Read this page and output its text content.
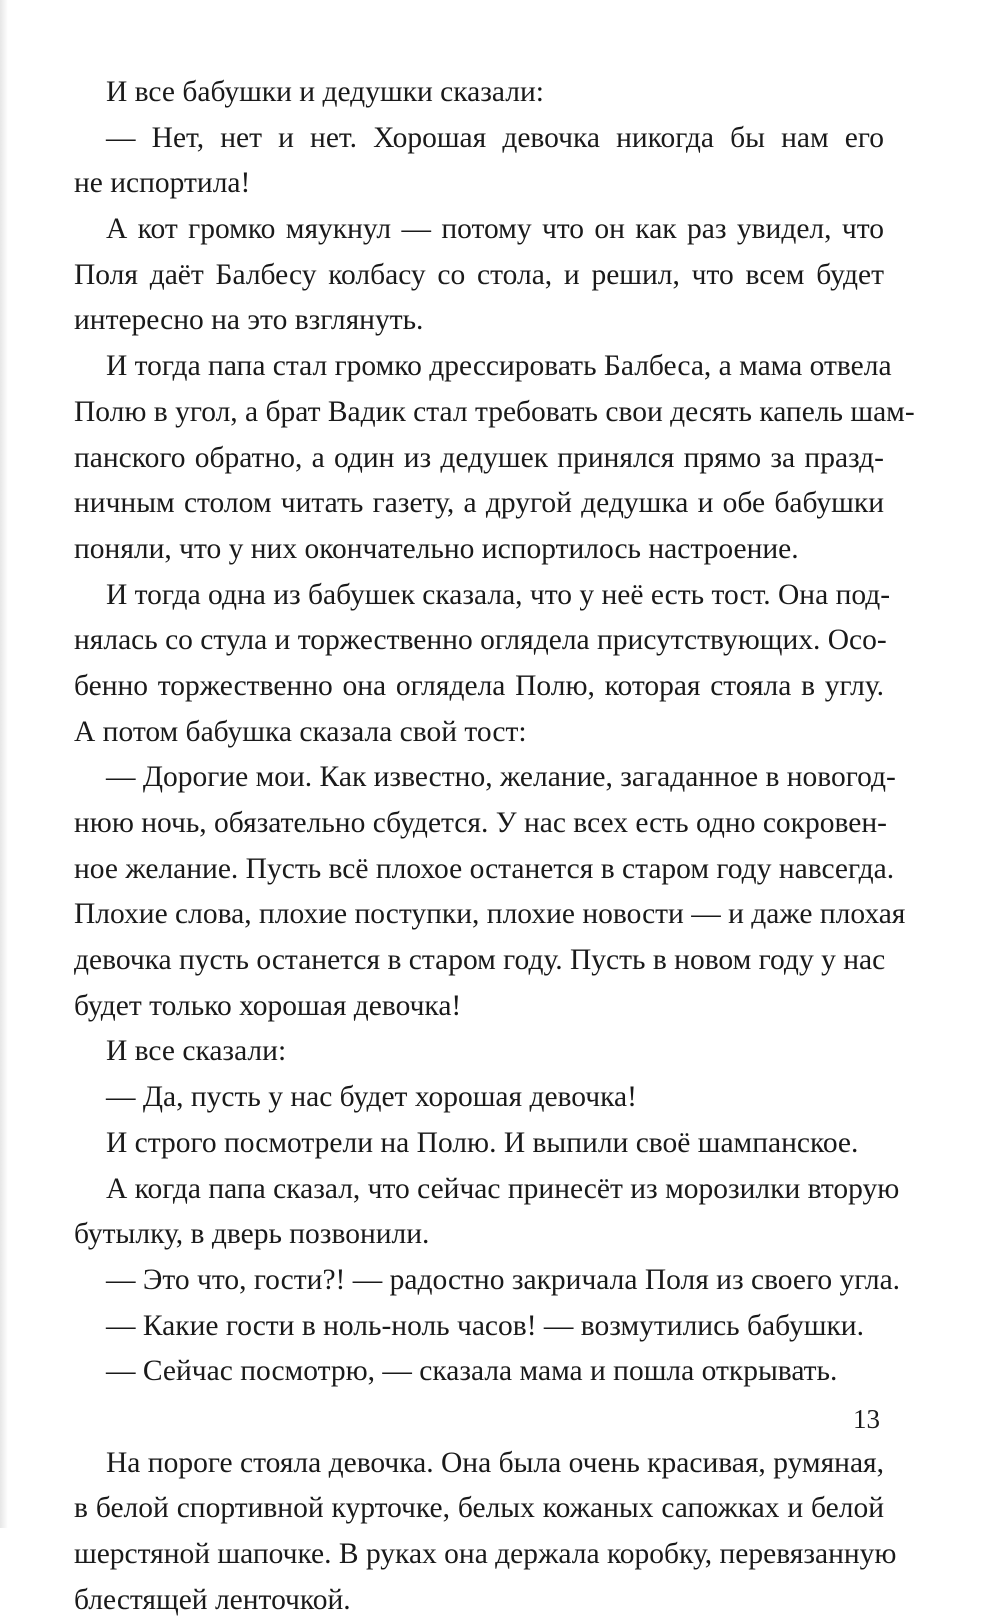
И все бабушки и дедушки сказали:
— Нет, нет и нет. Хорошая девочка никогда бы нам его
не испортила!
А кот громко мяукнул — потому что он как раз увидел, что
Поля даёт Балбесу колбасу со стола, и решил, что всем будет
интересно на это взглянуть.
И тогда папа стал громко дрессировать Балбеса, а мама отвела
Полю в угол, а брат Вадик стал требовать свои десять капель шам-
панского обратно, а один из дедушек принялся прямо за празд-
ничным столом читать газету, а другой дедушка и обе бабушки
поняли, что у них окончательно испортилось настроение.
И тогда одна из бабушек сказала, что у неё есть тост. Она под-
нялась со стула и торжественно оглядела присутствующих. Осо-
бенно торжественно она оглядела Полю, которая стояла в углу.
А потом бабушка сказала свой тост:
— Дорогие мои. Как известно, желание, загаданное в новогод-
нюю ночь, обязательно сбудется. У нас всех есть одно сокровен-
ное желание. Пусть всё плохое останется в старом году навсегда.
Плохие слова, плохие поступки, плохие новости — и даже плохая
девочка пусть останется в старом году. Пусть в новом году у нас
будет только хорошая девочка!
И все сказали:
— Да, пусть у нас будет хорошая девочка!
И строго посмотрели на Полю. И выпили своё шампанское.
А когда папа сказал, что сейчас принесёт из морозилки вторую
бутылку, в дверь позвонили.
— Это что, гости?! — радостно закричала Поля из своего угла.
— Какие гости в ноль-ноль часов! — возмутились бабушки.
— Сейчас посмотрю, — сказала мама и пошла открывать.
На пороге стояла девочка. Она была очень красивая, румяная,
в белой спортивной курточке, белых кожаных сапожках и белой
шерстяной шапочке. В руках она держала коробку, перевязанную
блестящей ленточкой.
13
